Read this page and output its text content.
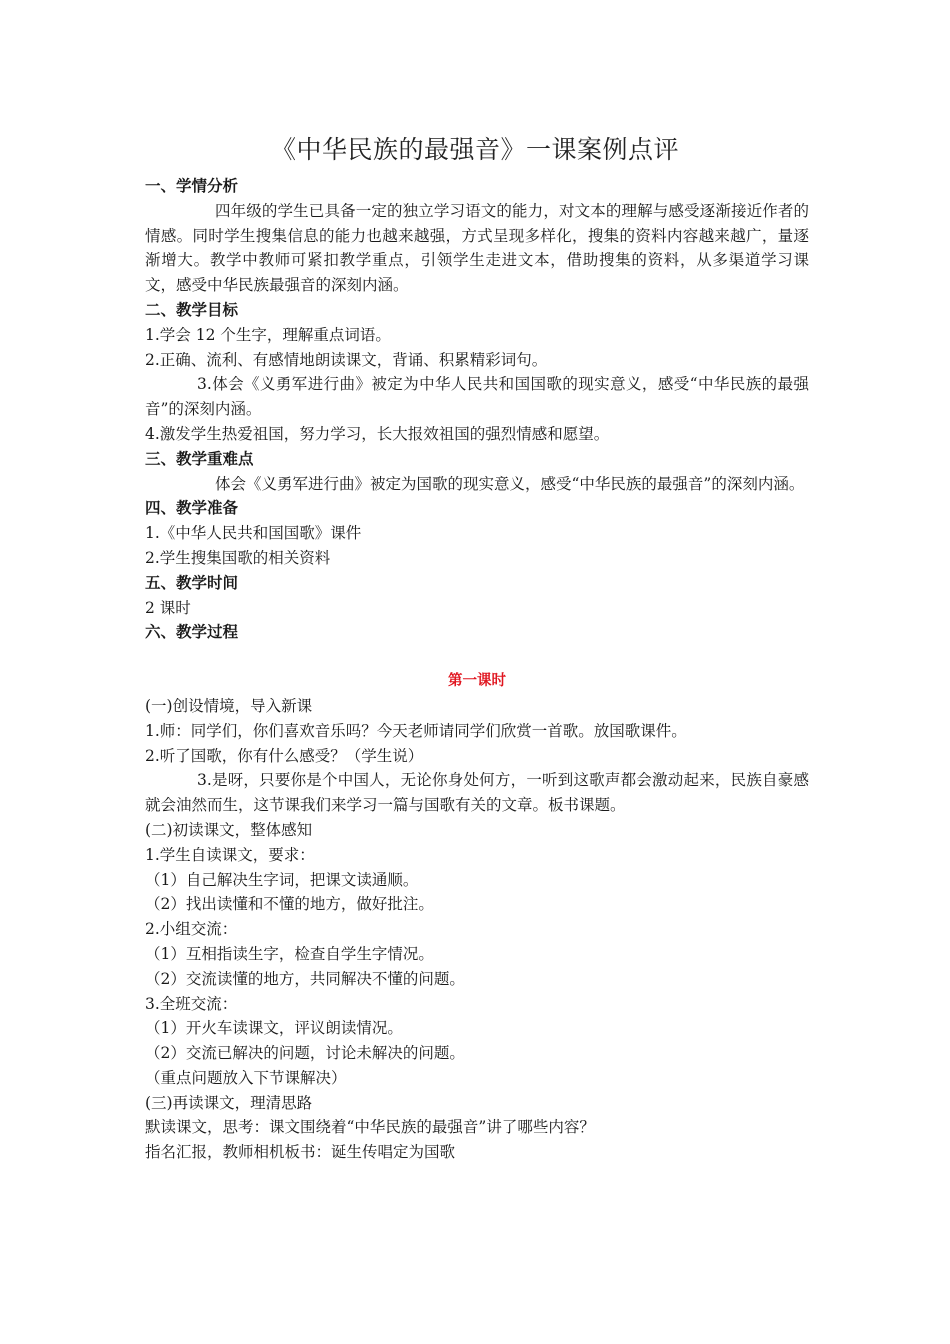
《中华民族的最强音》一课案例点评

一、学情分析

四年级的学生已具备一定的独立学习语文的能力，对文本的理解与感受逐渐接近作者的情感。同时学生搜集信息的能力也越来越强，方式呈现多样化，搜集的资料内容越来越广，量逐渐增大。教学中教师可紧扣教学重点，引领学生走进文本，借助搜集的资料，从多渠道学习课文，感受中华民族最强音的深刻内涵。

二、教学目标

1.学会 12 个生字，理解重点词语。

2.正确、流利、有感情地朗读课文，背诵、积累精彩词句。

3.体会《义勇军进行曲》被定为中华人民共和国国歌的现实意义，感受“中华民族的最强音”的深刻内涵。

4.激发学生热爱祖国，努力学习，长大报效祖国的强烈情感和愿望。

三、教学重难点

体会《义勇军进行曲》被定为国歌的现实意义，感受“中华民族的最强音”的深刻内涵。

四、教学准备

1.《中华人民共和国国歌》课件

2.学生搜集国歌的相关资料

五、教学时间

2 课时

六、教学过程

第一课时

(一)创设情境，导入新课

1.师：同学们，你们喜欢音乐吗？今天老师请同学们欣赏一首歌。放国歌课件。

2.听了国歌，你有什么感受？（学生说）

3.是呀，只要你是个中国人，无论你身处何方，一听到这歌声都会激动起来，民族自豪感就会油然而生，这节课我们来学习一篇与国歌有关的文章。板书课题。

(二)初读课文，整体感知

1.学生自读课文，要求：

（1）自己解决生字词，把课文读通顺。

（2）找出读懂和不懂的地方，做好批注。

2.小组交流：

（1）互相指读生字，检查自学生字情况。

（2）交流读懂的地方，共同解决不懂的问题。

3.全班交流：

（1）开火车读课文，评议朗读情况。

（2）交流已解决的问题，讨论未解决的问题。

（重点问题放入下节课解决）

(三)再读课文，理清思路

默读课文，思考：课文围绕着“中华民族的最强音”讲了哪些内容？

指名汇报，教师相机板书：诞生传唱定为国歌
